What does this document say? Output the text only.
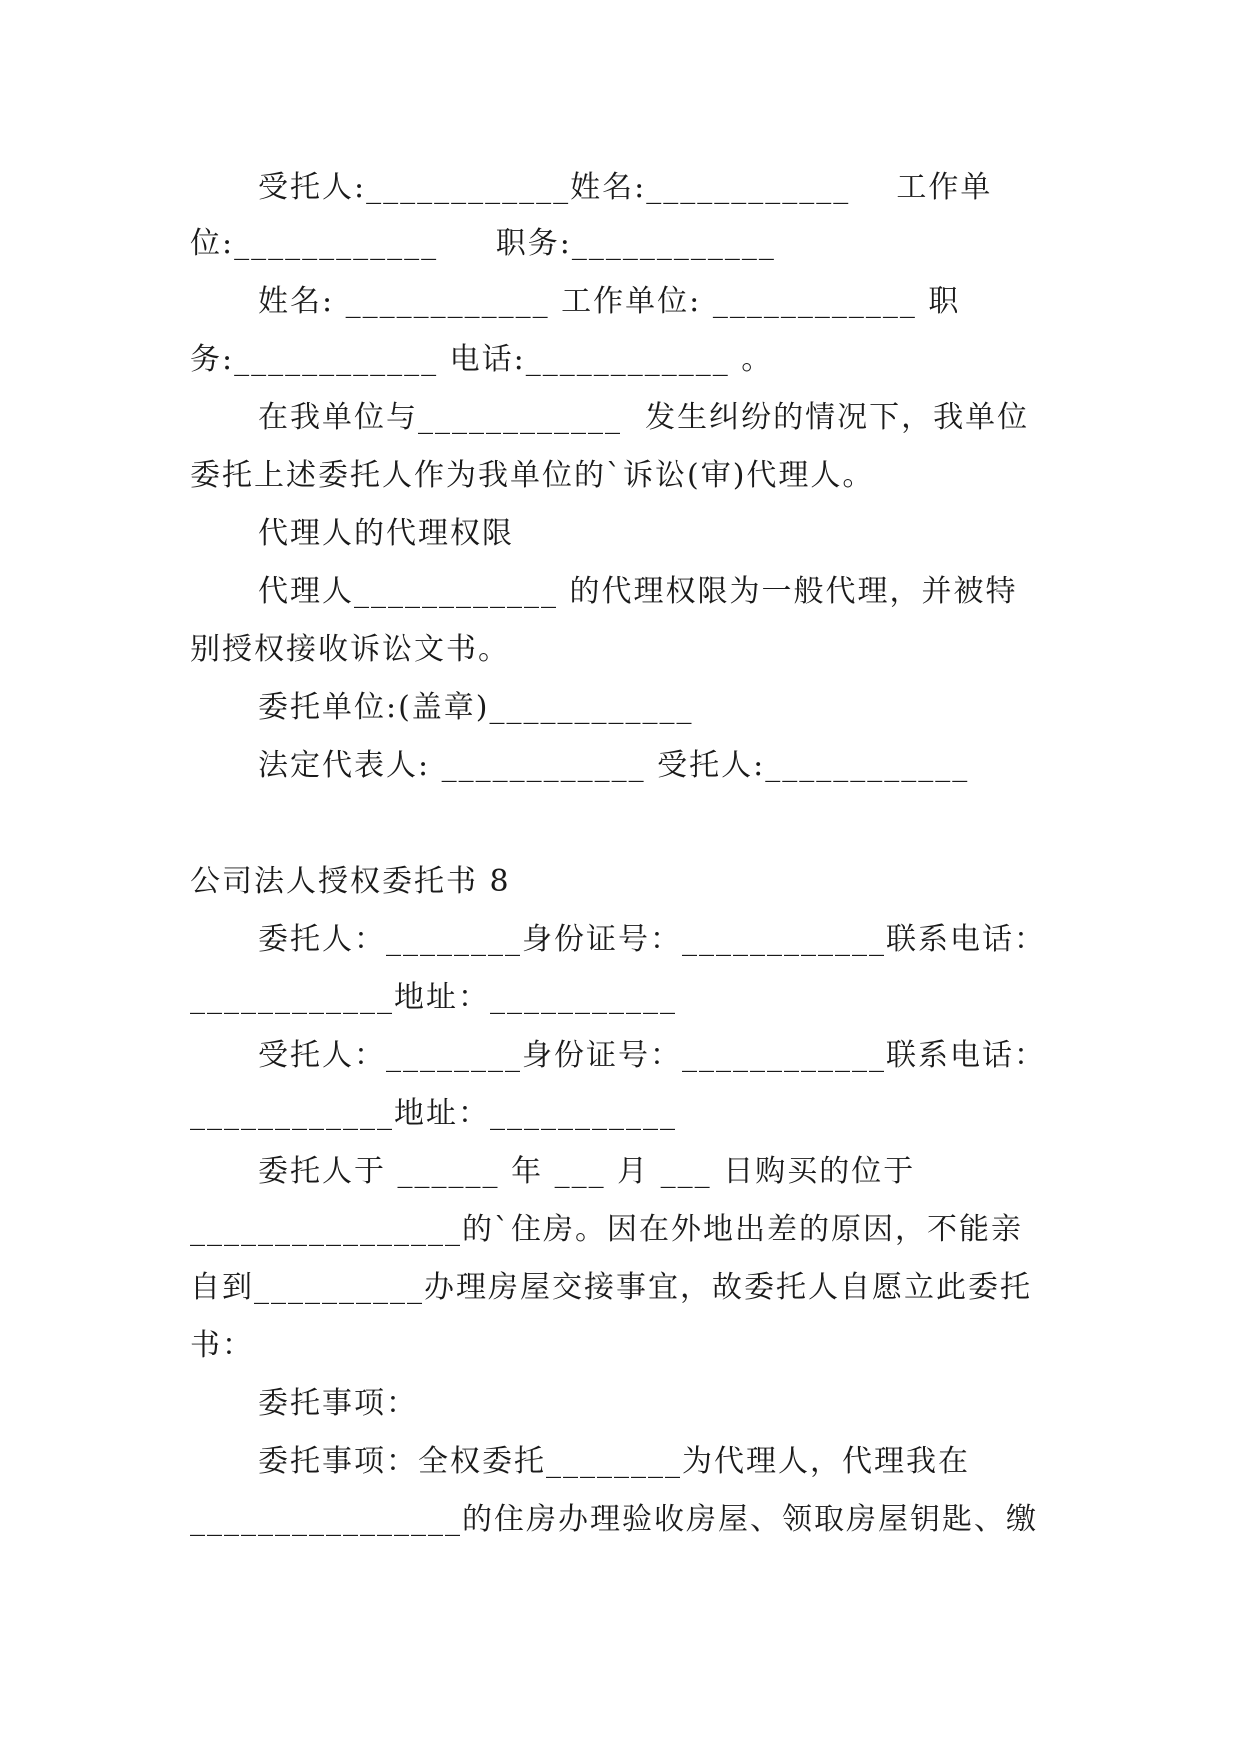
受托人:____________姓名:____________    工作单
位:____________     职务:____________
姓名: ____________ 工作单位: ____________ 职
务:____________ 电话:____________ 。
在我单位与____________  发生纠纷的情况下，我单位
委托上述委托人作为我单位的`诉讼(审)代理人。
代理人的代理权限
代理人____________ 的代理权限为一般代理，并被特
别授权接收诉讼文书。
委托单位:(盖章)____________
法定代表人: ____________ 受托人:____________
公司法人授权委托书 8
委托人：________身份证号：____________联系电话：
____________地址：___________
受托人：________身份证号：____________联系电话：
____________地址：___________
委托人于 ______ 年 ___ 月 ___ 日购买的位于
________________的`住房。因在外地出差的原因，不能亲
自到__________办理房屋交接事宜，故委托人自愿立此委托
书：
委托事项：
委托事项：全权委托________为代理人，代理我在
________________的住房办理验收房屋、领取房屋钥匙、缴
